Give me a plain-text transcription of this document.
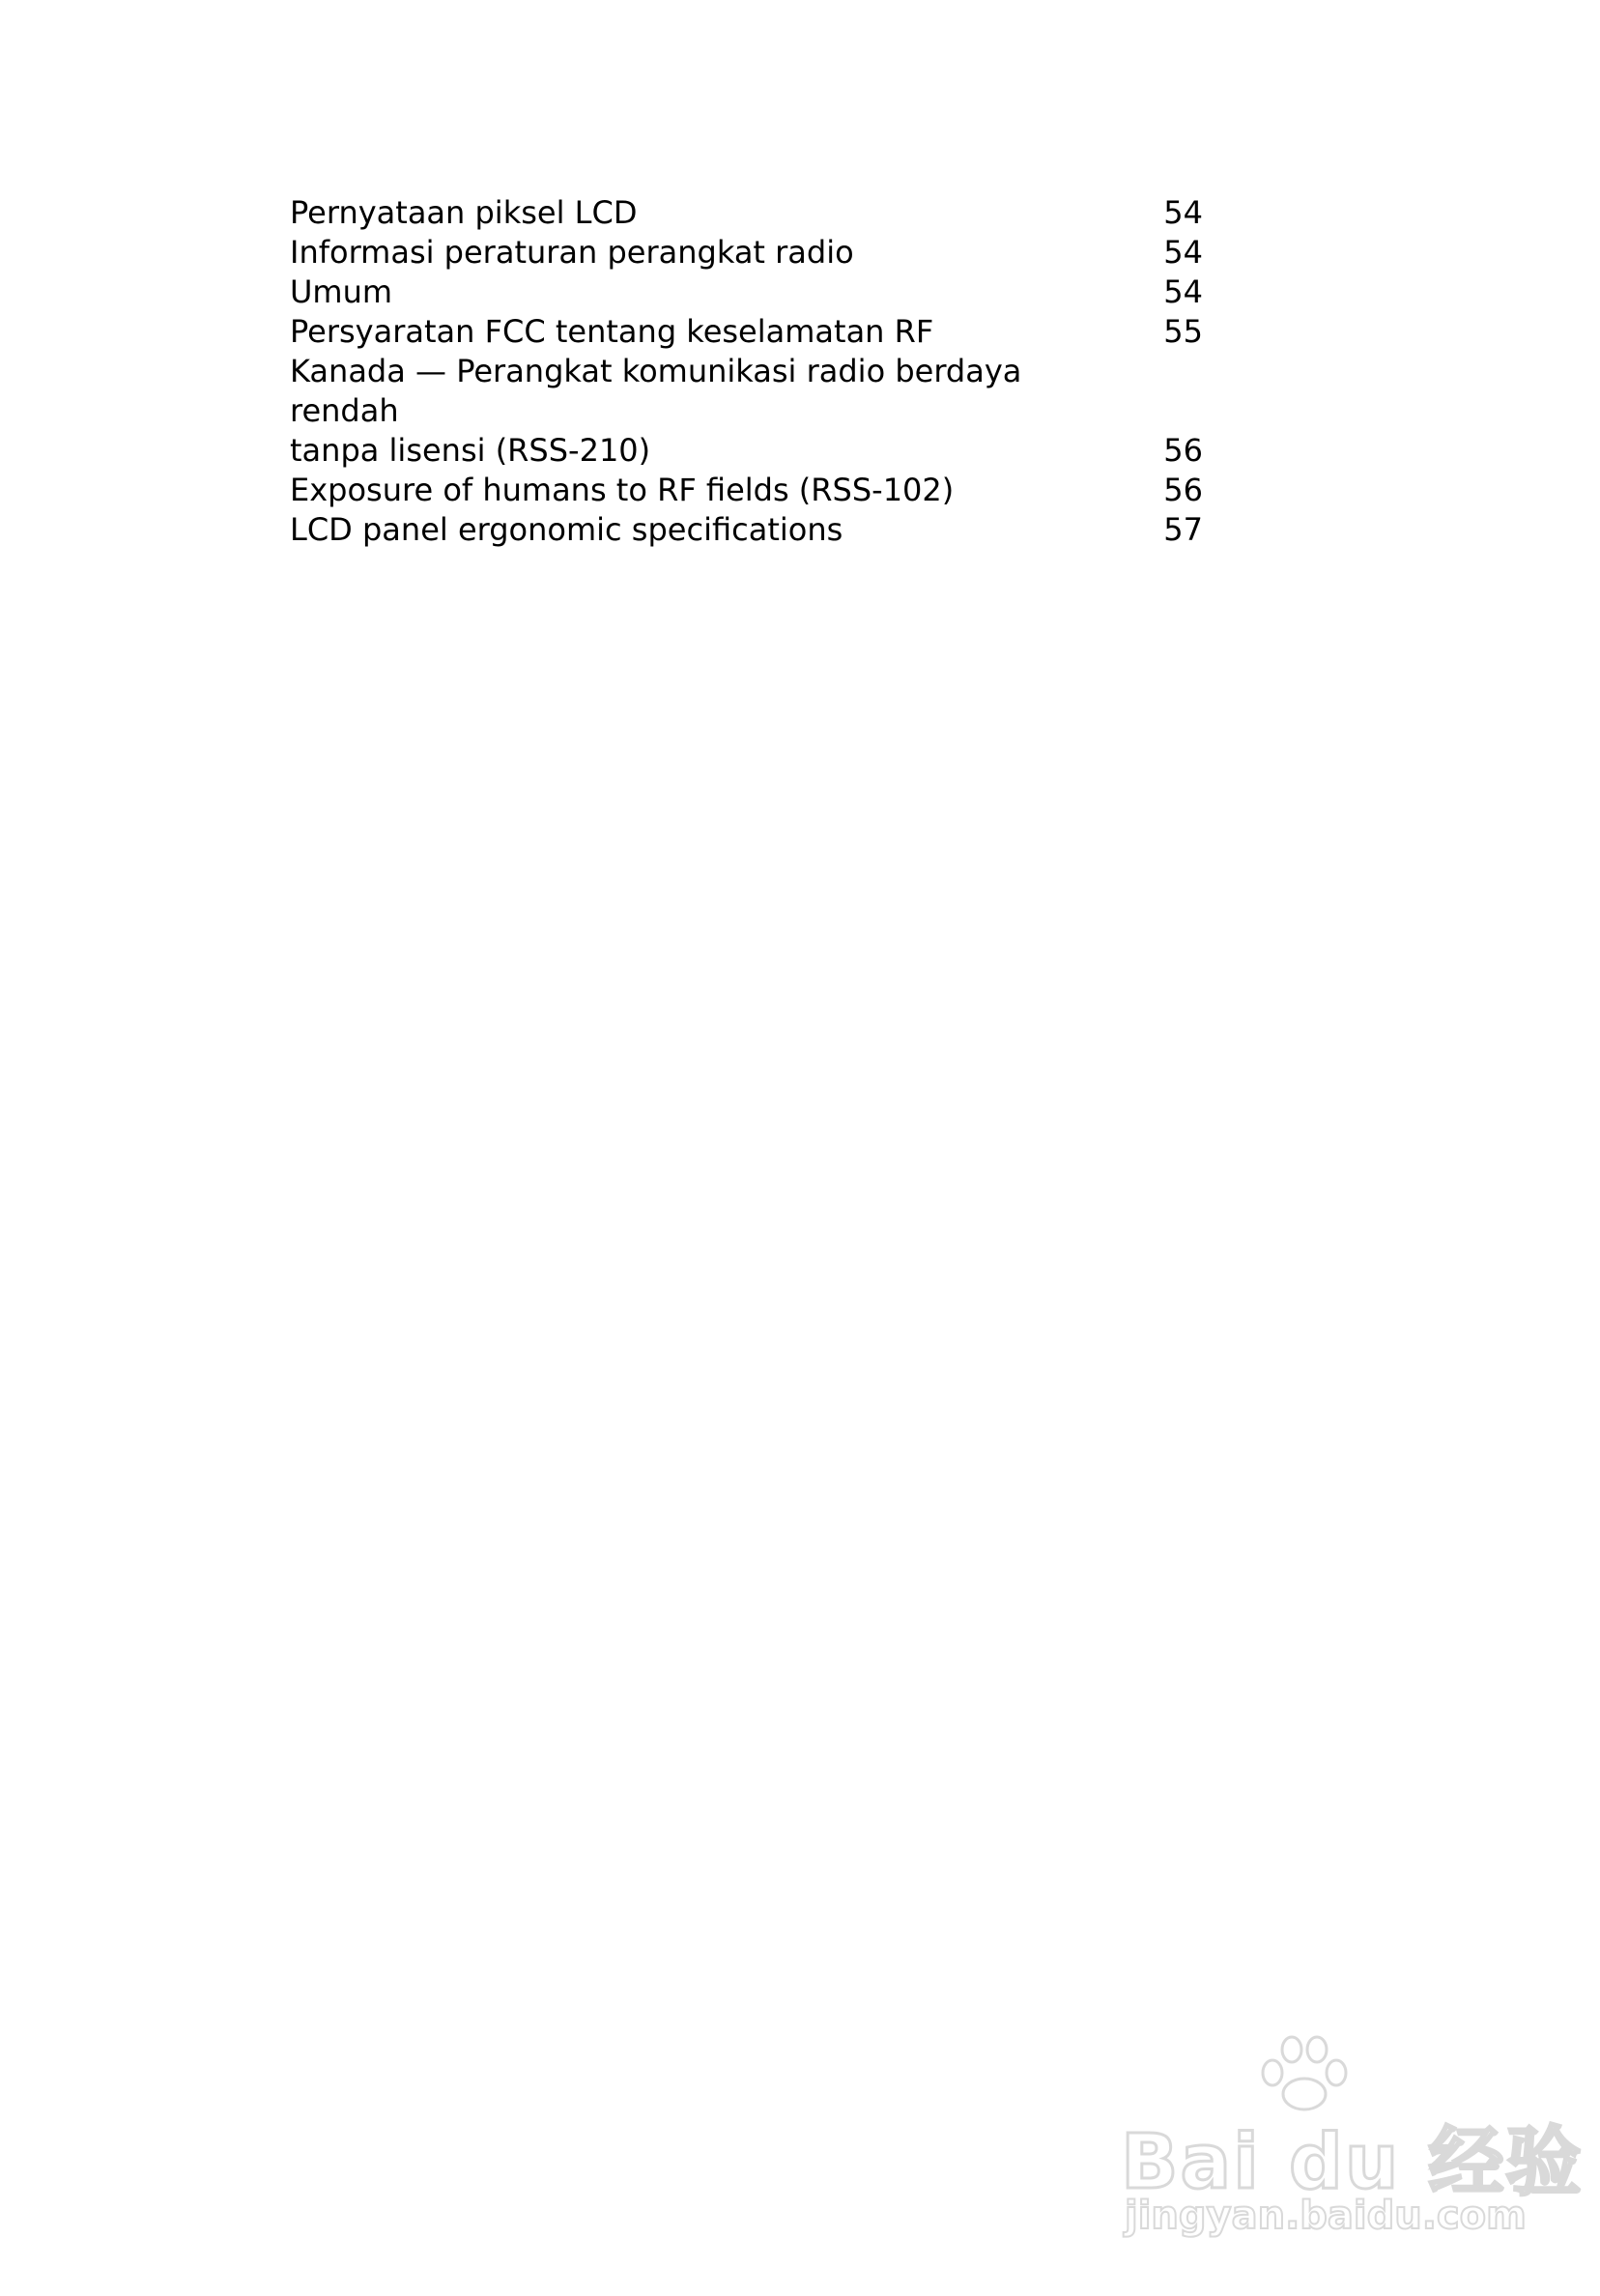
Pernyataan piksel LCD	54
Informasi peraturan perangkat radio	54
Umum	54
Persyaratan FCC tentang keselamatan RF	55
Kanada — Perangkat komunikasi radio berdaya rendah
tanpa lisensi (RSS-210)	56
Exposure of humans to RF fields (RSS-102)	56
LCD panel ergonomic specifications	57
Bai du 经验
jingyan.baidu.com
